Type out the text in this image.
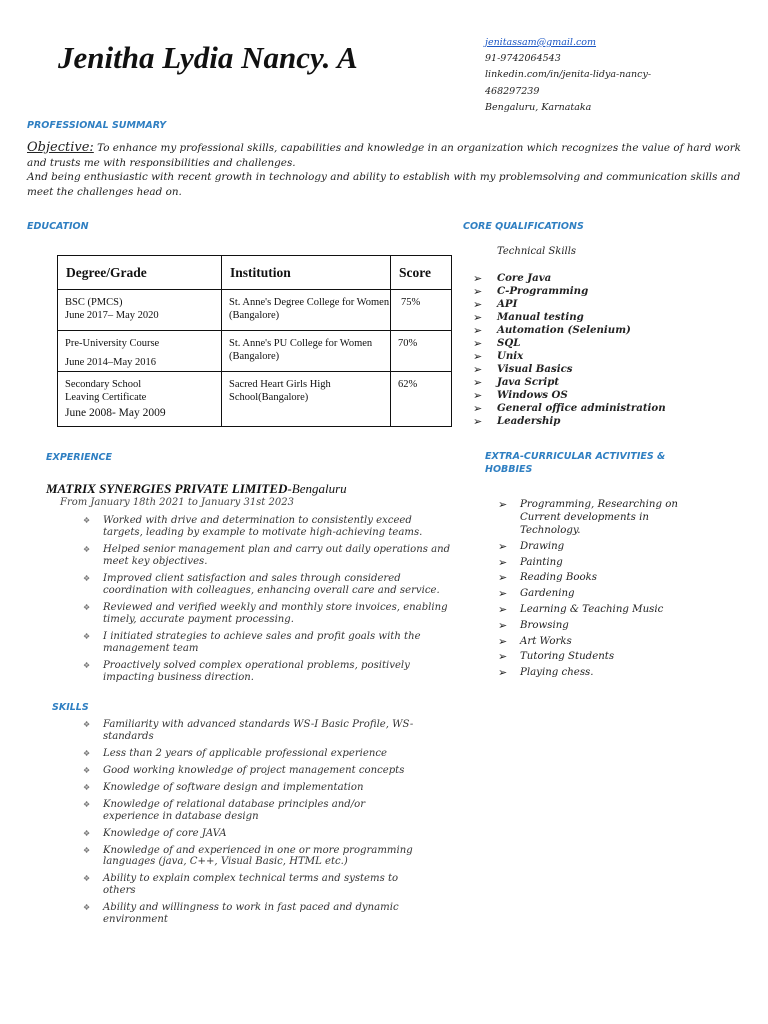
Jenitha Lydia Nancy. A	jenitassam@gmail.com
91-9742064543
linkedin.com/in/jenita-lidya-nancy-
468297239
Bengaluru, Karnataka
PROFESSIONAL SUMMARY
Objective: To enhance my professional skills, capabilities and knowledge in an organization which recognizes the value of hard work and trusts me with responsibilities and challenges.
And being enthusiastic with recent growth in technology and ability to establish with my problemsolving and communication skills and meet the challenges head on.
EDUCATION
Degree/Grade	Institution	Score

BSC (PMCS)
June 2017– May 2020	St. Anne's Degree College for Women (Bangalore)	75%

Pre-University Course
June 2014–May 2016	St. Anne's PU College for Women (Bangalore)	70%

Secondary School Leaving Certificate
June 2008- May 2009	Sacred Heart Girls High School(Bangalore)	62%
CORE QUALIFICATIONS
Technical Skills
➢ Core Java
➢ C-Programming
➢ API
➢ Manual testing
➢ Automation (Selenium)
➢ SQL
➢ Unix
➢ Visual Basics
➢ Java Script
➢ Windows OS
➢ General office administration
➢ Leadership
EXPERIENCE
MATRIX SYNERGIES PRIVATE LIMITED-Bengaluru
From January 18th 2021 to January 31st 2023
❖ Worked with drive and determination to consistently exceed targets, leading by example to motivate high-achieving teams.
❖ Helped senior management plan and carry out daily operations and meet key objectives.
❖ Improved client satisfaction and sales through considered coordination with colleagues, enhancing overall care and service.
❖ Reviewed and verified weekly and monthly store invoices, enabling timely, accurate payment processing.
❖ I initiated strategies to achieve sales and profit goals with the management team
❖ Proactively solved complex operational problems, positively impacting business direction.
EXTRA-CURRICULAR ACTIVITIES &
HOBBIES
➢ Programming, Researching on Current developments in Technology.
➢ Drawing
➢ Painting
➢ Reading Books
➢ Gardening
➢ Learning & Teaching Music
➢ Browsing
➢ Art Works
➢ Tutoring Students
➢ Playing chess.
SKILLS
❖ Familiarity with advanced standards WS-I Basic Profile, WS-standards
❖ Less than 2 years of applicable professional experience
❖ Good working knowledge of project management concepts
❖ Knowledge of software design and implementation
❖ Knowledge of relational database principles and/or experience in database design
❖ Knowledge of core JAVA
❖ Knowledge of and experienced in one or more programming languages (java, C++, Visual Basic, HTML etc.)
❖ Ability to explain complex technical terms and systems to others
❖ Ability and willingness to work in fast paced and dynamic environment
